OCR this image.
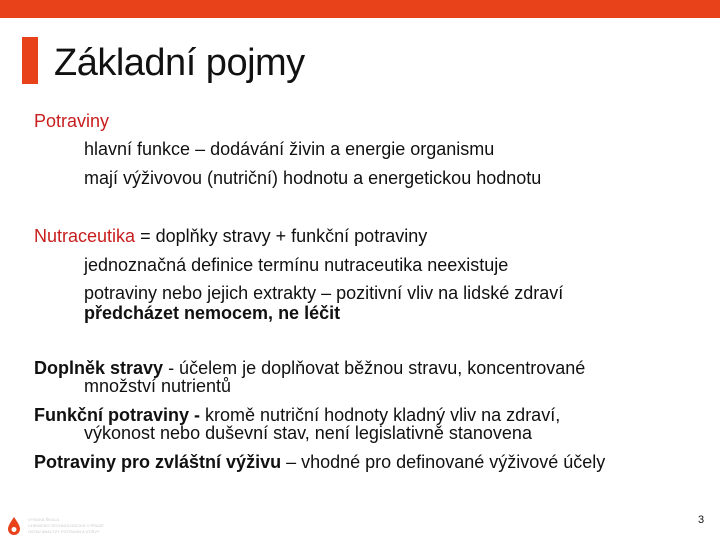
Základní pojmy
Potraviny
hlavní funkce – dodávání živin a energie organismu
mají výživovou (nutriční) hodnotu a energetickou hodnotu
Nutraceutika = doplňky stravy + funkční potraviny
jednoznačná definice termínu nutraceutika neexistuje
potraviny nebo jejich extrakty – pozitivní vliv na lidské zdraví
předcházet nemocem, ne léčit
Doplněk stravy - účelem je doplňovat běžnou stravu, koncentrované
množství nutrientů
Funkční potraviny - kromě nutriční hodnoty kladný vliv na zdraví,
výkonost nebo duševní stav, není legislativně stanovena
Potraviny pro zvláštní výživu – vhodné pro definované výživové účely
VYSOKÁ ŠKOLA
CHEMICKO-TECHNOLOGICKÁ V PRAZE
ÚSTAV ANALÝZY POTRAVIN A VÝŽIVY
3
